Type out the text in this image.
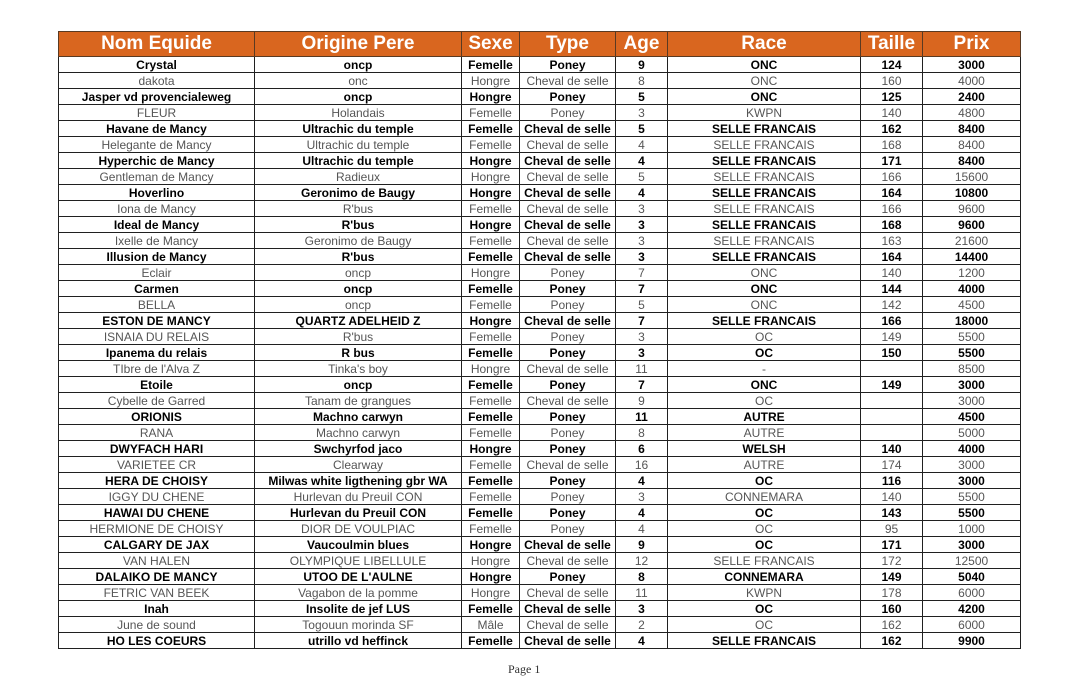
Nom Equide	Origine Pere	Sexe	Type	Age	Race	Taille	Prix
Crystal	oncp	Femelle	Poney	9	ONC	124	3000
dakota	onc	Hongre	Cheval de selle	8	ONC	160	4000
Jasper vd provencialeweg	oncp	Hongre	Poney	5	ONC	125	2400
FLEUR	Holandais	Femelle	Poney	3	KWPN	140	4800
Havane de Mancy	Ultrachic du temple	Femelle	Cheval de selle	5	SELLE FRANCAIS	162	8400
Helegante de Mancy	Ultrachic du temple	Femelle	Cheval de selle	4	SELLE FRANCAIS	168	8400
Hyperchic de Mancy	Ultrachic du temple	Hongre	Cheval de selle	4	SELLE FRANCAIS	171	8400
Gentleman de Mancy	Radieux	Hongre	Cheval de selle	5	SELLE FRANCAIS	166	15600
Hoverlino	Geronimo de Baugy	Hongre	Cheval de selle	4	SELLE FRANCAIS	164	10800
Iona de Mancy	R'bus	Femelle	Cheval de selle	3	SELLE FRANCAIS	166	9600
Ideal de Mancy	R'bus	Hongre	Cheval de selle	3	SELLE FRANCAIS	168	9600
Ixelle de Mancy	Geronimo de Baugy	Femelle	Cheval de selle	3	SELLE FRANCAIS	163	21600
Illusion de Mancy	R'bus	Femelle	Cheval de selle	3	SELLE FRANCAIS	164	14400
Eclair	oncp	Hongre	Poney	7	ONC	140	1200
Carmen	oncp	Femelle	Poney	7	ONC	144	4000
BELLA	oncp	Femelle	Poney	5	ONC	142	4500
ESTON DE MANCY	QUARTZ ADELHEID Z	Hongre	Cheval de selle	7	SELLE FRANCAIS	166	18000
ISNAIA DU RELAIS	R'bus	Femelle	Poney	3	OC	149	5500
Ipanema du relais	R bus	Femelle	Poney	3	OC	150	5500
TIbre de l'Alva Z	Tinka's boy	Hongre	Cheval de selle	11	-		8500
Etoile	oncp	Femelle	Poney	7	ONC	149	3000
Cybelle de Garred	Tanam de grangues	Femelle	Cheval de selle	9	OC		3000
ORIONIS	Machno carwyn	Femelle	Poney	11	AUTRE		4500
RANA	Machno carwyn	Femelle	Poney	8	AUTRE		5000
DWYFACH HARI	Swchyrfod jaco	Hongre	Poney	6	WELSH	140	4000
VARIETEE CR	Clearway	Femelle	Cheval de selle	16	AUTRE	174	3000
HERA DE CHOISY	Milwas white ligthening gbr WA	Femelle	Poney	4	OC	116	3000
IGGY DU CHENE	Hurlevan du Preuil CON	Femelle	Poney	3	CONNEMARA	140	5500
HAWAI DU CHENE	Hurlevan du Preuil CON	Femelle	Poney	4	OC	143	5500
HERMIONE DE CHOISY	DIOR DE VOULPIAC	Femelle	Poney	4	OC	95	1000
CALGARY DE JAX	Vaucoulmin blues	Hongre	Cheval de selle	9	OC	171	3000
VAN HALEN	OLYMPIQUE LIBELLULE	Hongre	Cheval de selle	12	SELLE FRANCAIS	172	12500
DALAIKO DE MANCY	UTOO DE L'AULNE	Hongre	Poney	8	CONNEMARA	149	5040
FETRIC VAN BEEK	Vagabon de la pomme	Hongre	Cheval de selle	11	KWPN	178	6000
Inah	Insolite de jef LUS	Femelle	Cheval de selle	3	OC	160	4200
June de sound	Togouun morinda SF	Mâle	Cheval de selle	2	OC	162	6000
HO LES COEURS	utrillo vd heffinck	Femelle	Cheval de selle	4	SELLE FRANCAIS	162	9900
Page 1
